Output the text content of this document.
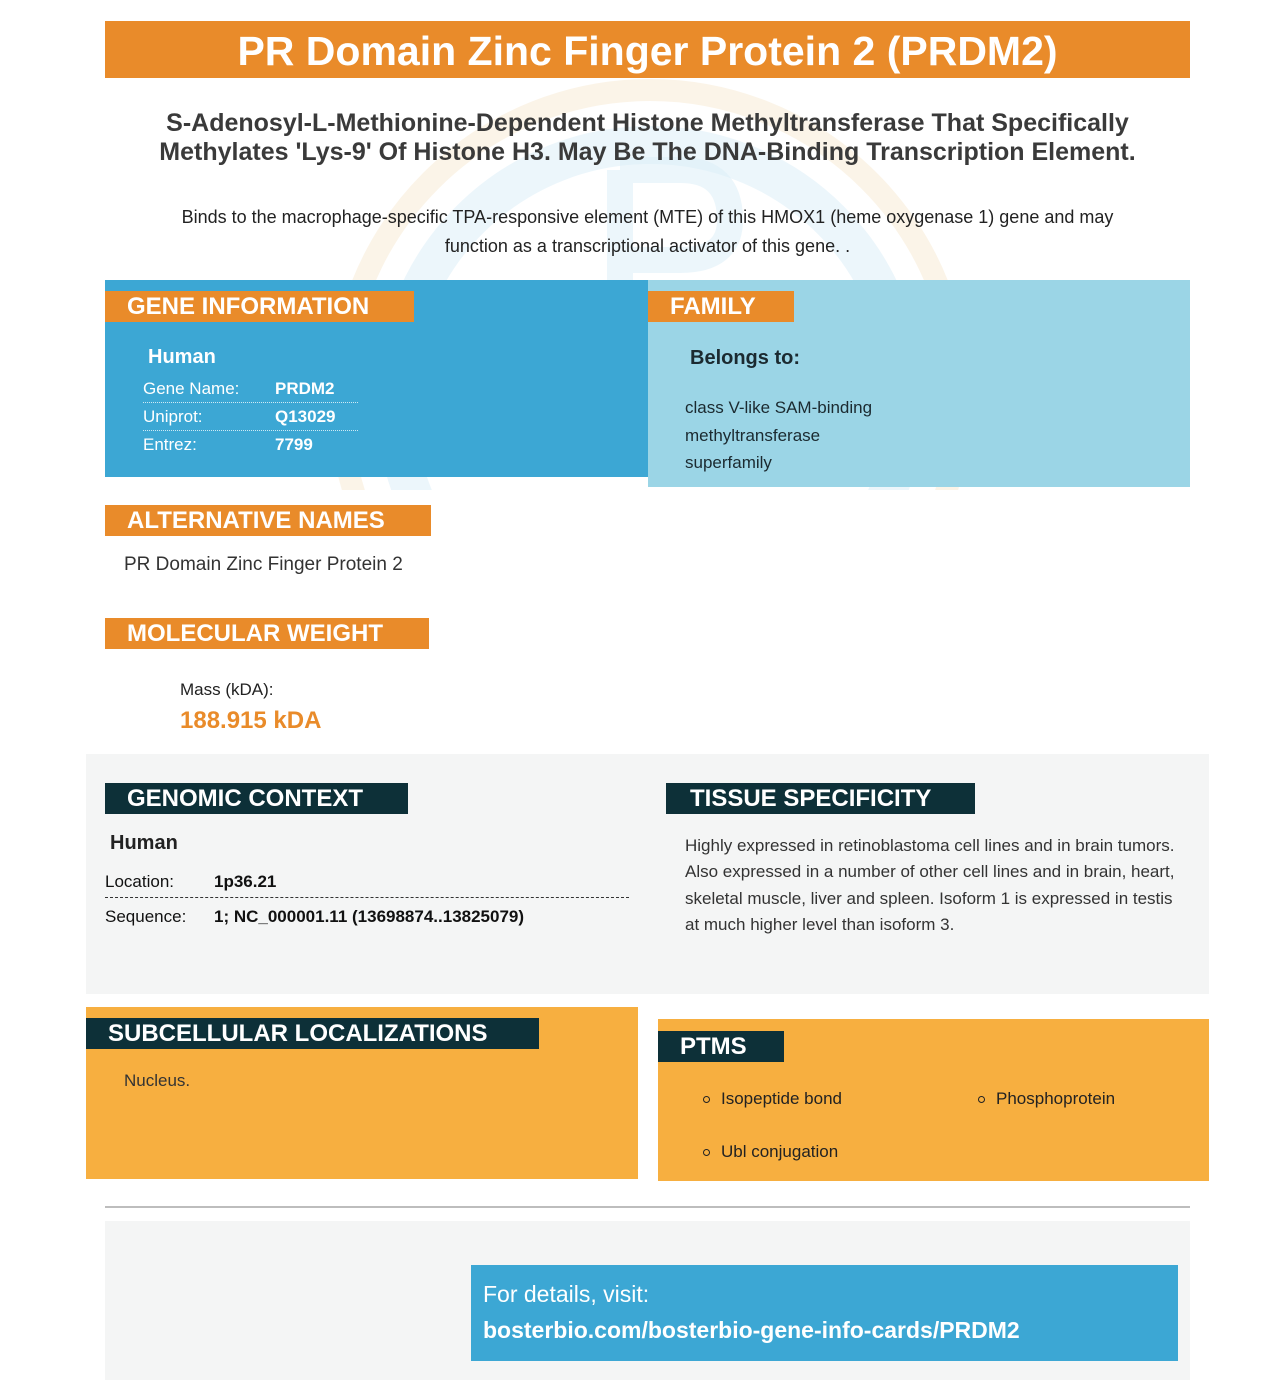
PR Domain Zinc Finger Protein 2 (PRDM2)
S-Adenosyl-L-Methionine-Dependent Histone Methyltransferase That Specifically Methylates 'Lys-9' Of Histone H3. May Be The DNA-Binding Transcription Element.
Binds to the macrophage-specific TPA-responsive element (MTE) of this HMOX1 (heme oxygenase 1) gene and may function as a transcriptional activator of this gene. .
GENE INFORMATION
Human
Gene Name:	PRDM2
Uniprot:	Q13029
Entrez:	7799
FAMILY
Belongs to:
class V-like SAM-binding methyltransferase superfamily
ALTERNATIVE NAMES
PR Domain Zinc Finger Protein 2
MOLECULAR WEIGHT
Mass (kDA):
188.915 kDA
GENOMIC CONTEXT
Human
Location:	1p36.21
Sequence:	1; NC_000001.11 (13698874..13825079)
TISSUE SPECIFICITY
Highly expressed in retinoblastoma cell lines and in brain tumors. Also expressed in a number of other cell lines and in brain, heart, skeletal muscle, liver and spleen. Isoform 1 is expressed in testis at much higher level than isoform 3.
SUBCELLULAR LOCALIZATIONS
Nucleus.
PTMS
Isopeptide bond	Phosphoprotein
Ubl conjugation
For details, visit:
bosterbio.com/bosterbio-gene-info-cards/PRDM2
